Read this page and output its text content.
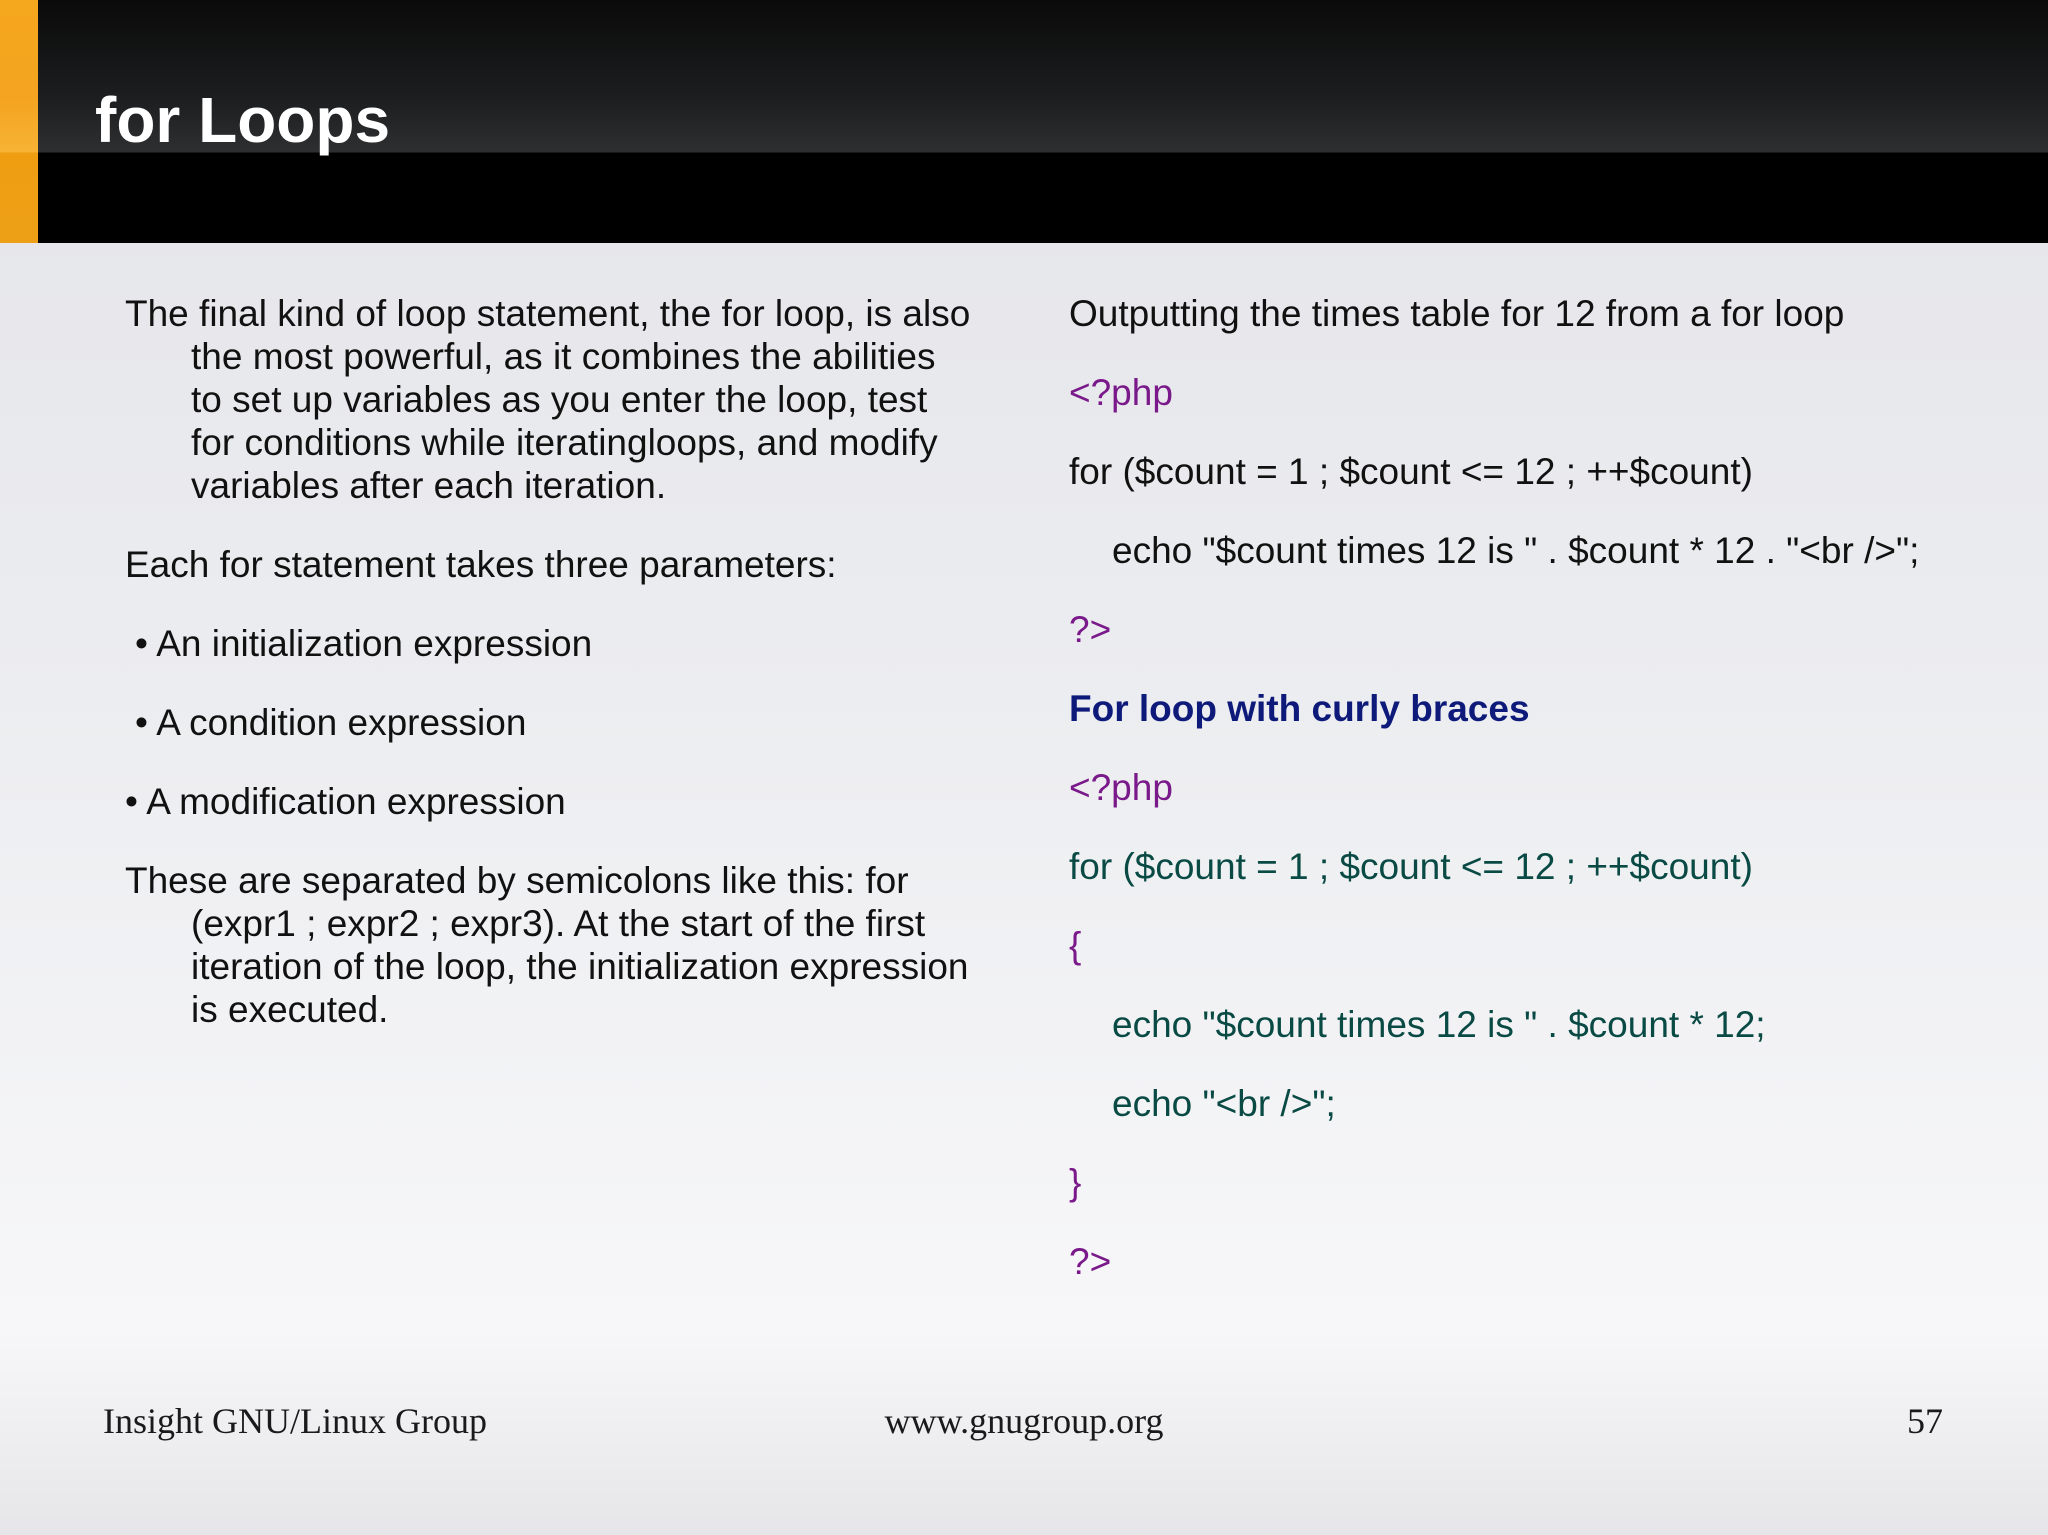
for Loops

The final kind of loop statement, the for loop, is also the most powerful, as it combines the abilities to set up variables as you enter the loop, test for conditions while iteratingloops, and modify variables after each iteration.

Each for statement takes three parameters:

• An initialization expression

• A condition expression

• A modification expression

These are separated by semicolons like this: for (expr1 ; expr2 ; expr3). At the start of the first iteration of the loop, the initialization expression is executed.

Outputting the times table for 12 from a for loop

<?php

for ($count = 1 ; $count <= 12 ; ++$count)

echo "$count times 12 is " . $count * 12 . "<br />";

?>

For loop with curly braces

<?php

for ($count = 1 ; $count <= 12 ; ++$count)

{

echo "$count times 12 is " . $count * 12;

echo "<br />";

}

?>

Insight GNU/Linux Group	www.gnugroup.org	57
